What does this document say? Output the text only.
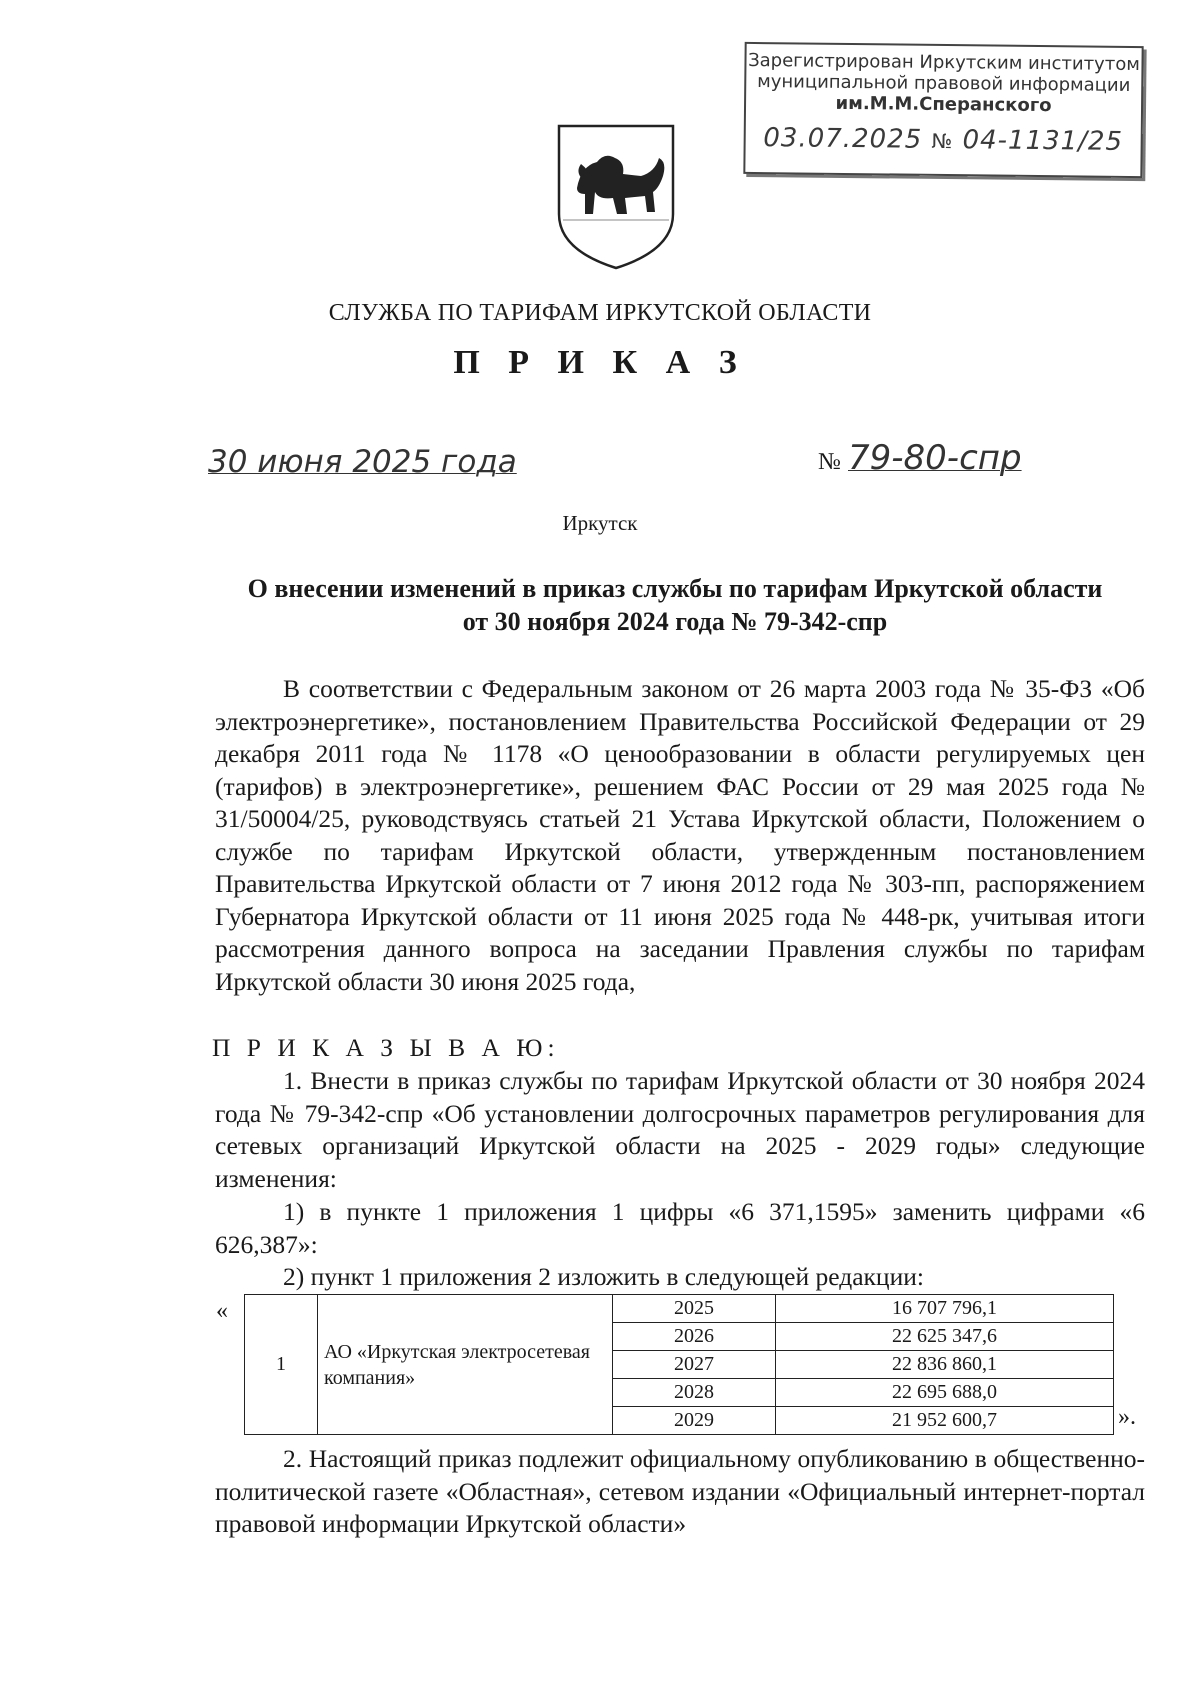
Зарегистрирован Иркутским институтом
муниципальной правовой информации
им.М.М.Сперанского
03.07.2025 № 04-1131/25
СЛУЖБА ПО ТАРИФАМ ИРКУТСКОЙ ОБЛАСТИ
П Р И К А З
30 июня 2025 года	№ 79-80-спр
Иркутск
О внесении изменений в приказ службы по тарифам Иркутской области
от 30 ноября 2024 года № 79-342-спр
В соответствии с Федеральным законом от 26 марта 2003 года № 35-ФЗ «Об электроэнергетике», постановлением Правительства Российской Федерации от 29 декабря 2011 года № 1178 «О ценообразовании в области регулируемых цен (тарифов) в электроэнергетике», решением ФАС России от 29 мая 2025 года № 31/50004/25, руководствуясь статьей 21 Устава Иркутской области, Положением о службе по тарифам Иркутской области, утвержденным постановлением Правительства Иркутской области от 7 июня 2012 года № 303-пп, распоряжением Губернатора Иркутской области от 11 июня 2025 года № 448-рк, учитывая итоги рассмотрения данного вопроса на заседании Правления службы по тарифам Иркутской области 30 июня 2025 года,
П Р И К А З Ы В А Ю:
1. Внести в приказ службы по тарифам Иркутской области от 30 ноября 2024 года № 79-342-спр «Об установлении долгосрочных параметров регулирования для сетевых организаций Иркутской области на 2025 - 2029 годы» следующие изменения:
1) в пункте 1 приложения 1 цифры «6 371,1595» заменить цифрами «6 626,387»:
2) пункт 1 приложения 2 изложить в следующей редакции:
«
1	АО «Иркутская электросетевая компания»	2025	16 707 796,1
		2026	22 625 347,6
		2027	22 836 860,1
		2028	22 695 688,0
		2029	21 952 600,7	».
2. Настоящий приказ подлежит официальному опубликованию в общественно-политической газете «Областная», сетевом издании «Официальный интернет-портал правовой информации Иркутской области»
